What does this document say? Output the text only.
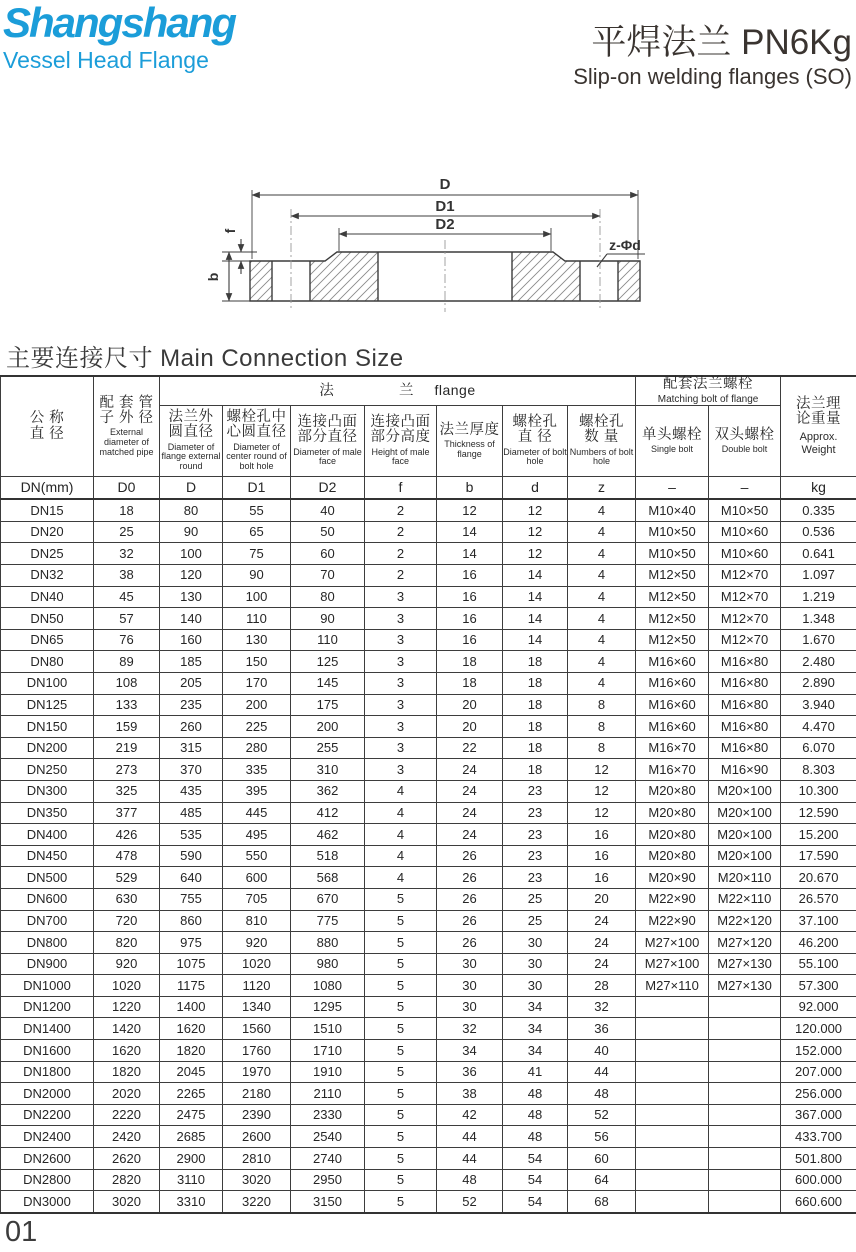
Shangshang
Vessel Head Flange	平焊法兰 PN6Kg
Slip-on welding flanges (SO)
D
D1
D2
f
b
z-Φd
主要连接尺寸 Main Connection Size
公 称
直 径

配 套 管
子 外 径
External diameter of matched pipe

法	兰 flange	配套法兰螺栓
Matching bolt of flange	法兰理
论重量
Approx.
Weight

法兰外
圆直径
Diameter of flange external round

螺栓孔中
心圆直径
Diameter of center round of bolt hole

连接凸面
部分直径
Diameter of male face

连接凸面
部分高度
Height of male face

法兰厚度
Thickness of flange

螺栓孔
直 径
Diameter of bolt hole

螺栓孔
数 量
Numbers of bolt hole

单头螺栓
Single bolt

双头螺栓
Double bolt

DN(mm)	D0	D	D1	D2	f	b	d	z	–	–	kg
DN15	18	80	55	40	2	12	12	4	M10×40	M10×50	0.335
DN20	25	90	65	50	2	14	12	4	M10×50	M10×60	0.536
DN25	32	100	75	60	2	14	12	4	M10×50	M10×60	0.641
DN32	38	120	90	70	2	16	14	4	M12×50	M12×70	1.097
DN40	45	130	100	80	3	16	14	4	M12×50	M12×70	1.219
DN50	57	140	110	90	3	16	14	4	M12×50	M12×70	1.348
DN65	76	160	130	110	3	16	14	4	M12×50	M12×70	1.670
DN80	89	185	150	125	3	18	18	4	M16×60	M16×80	2.480
DN100	108	205	170	145	3	18	18	4	M16×60	M16×80	2.890
DN125	133	235	200	175	3	20	18	8	M16×60	M16×80	3.940
DN150	159	260	225	200	3	20	18	8	M16×60	M16×80	4.470
DN200	219	315	280	255	3	22	18	8	M16×70	M16×80	6.070
DN250	273	370	335	310	3	24	18	12	M16×70	M16×90	8.303
DN300	325	435	395	362	4	24	23	12	M20×80	M20×100	10.300
DN350	377	485	445	412	4	24	23	12	M20×80	M20×100	12.590
DN400	426	535	495	462	4	24	23	16	M20×80	M20×100	15.200
DN450	478	590	550	518	4	26	23	16	M20×80	M20×100	17.590
DN500	529	640	600	568	4	26	23	16	M20×90	M20×110	20.670
DN600	630	755	705	670	5	26	25	20	M22×90	M22×110	26.570
DN700	720	860	810	775	5	26	25	24	M22×90	M22×120	37.100
DN800	820	975	920	880	5	26	30	24	M27×100	M27×120	46.200
DN900	920	1075	1020	980	5	30	30	24	M27×100	M27×130	55.100
DN1000	1020	1175	1120	1080	5	30	30	28	M27×110	M27×130	57.300
DN1200	1220	1400	1340	1295	5	30	34	32			92.000
DN1400	1420	1620	1560	1510	5	32	34	36			120.000
DN1600	1620	1820	1760	1710	5	34	34	40			152.000
DN1800	1820	2045	1970	1910	5	36	41	44			207.000
DN2000	2020	2265	2180	2110	5	38	48	48			256.000
DN2200	2220	2475	2390	2330	5	42	48	52			367.000
DN2400	2420	2685	2600	2540	5	44	48	56			433.700
DN2600	2620	2900	2810	2740	5	44	54	60			501.800
DN2800	2820	3110	3020	2950	5	48	54	64			600.000
DN3000	3020	3310	3220	3150	5	52	54	68			660.600
01
